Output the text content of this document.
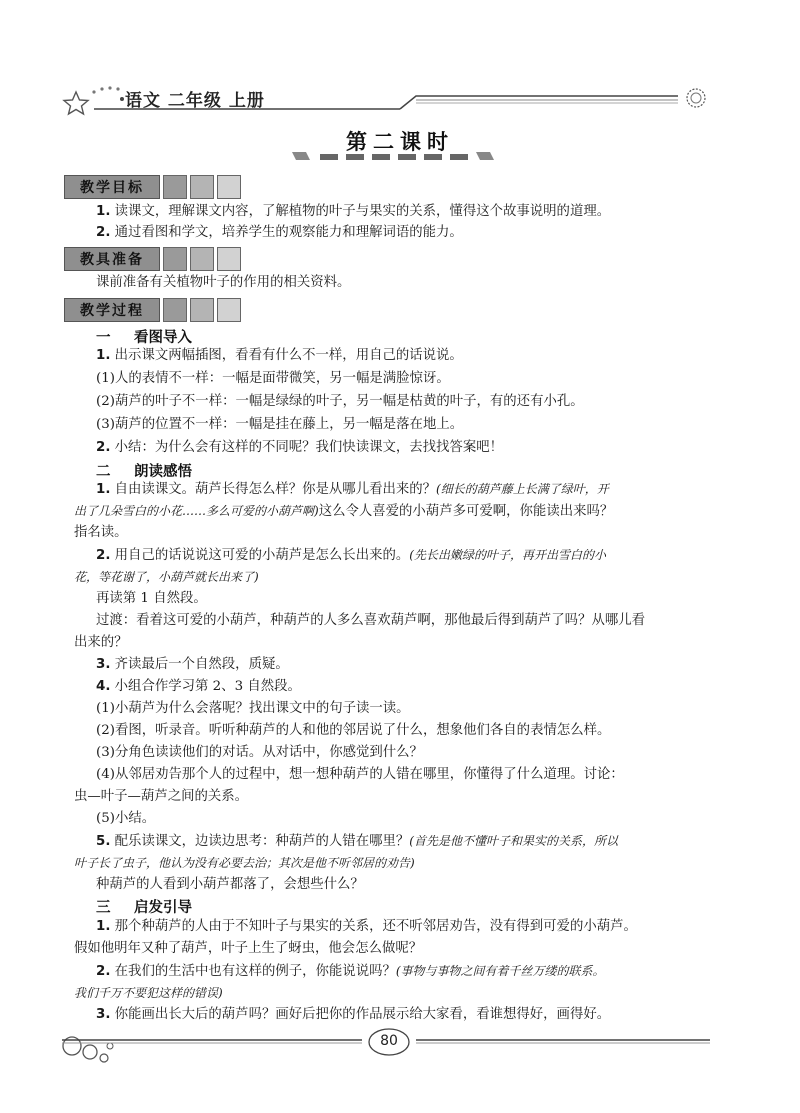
语文 二年级 上册
第二课时
教学目标
1. 读课文，理解课文内容，了解植物的叶子与果实的关系，懂得这个故事说明的道理。
2. 通过看图和学文，培养学生的观察能力和理解词语的能力。
教具准备
课前准备有关植物叶子的作用的相关资料。
教学过程
一 看图导入
1. 出示课文两幅插图，看看有什么不一样，用自己的话说说。
(1)人的表情不一样：一幅是面带微笑，另一幅是满脸惊讶。
(2)葫芦的叶子不一样：一幅是绿绿的叶子，另一幅是枯黄的叶子，有的还有小孔。
(3)葫芦的位置不一样：一幅是挂在藤上，另一幅是落在地上。
2. 小结：为什么会有这样的不同呢？我们快读课文，去找找答案吧！
二 朗读感悟
1. 自由读课文。葫芦长得怎么样？你是从哪儿看出来的？(细长的葫芦藤上长满了绿叶，开
出了几朵雪白的小花……多么可爱的小葫芦啊)这么令人喜爱的小葫芦多可爱啊，你能读出来吗？
指名读。
2. 用自己的话说说这可爱的小葫芦是怎么长出来的。(先长出嫩绿的叶子，再开出雪白的小
花，等花谢了，小葫芦就长出来了)
再读第 1 自然段。
过渡：看着这可爱的小葫芦，种葫芦的人多么喜欢葫芦啊，那他最后得到葫芦了吗？从哪儿看
出来的？
3. 齐读最后一个自然段，质疑。
4. 小组合作学习第 2、3 自然段。
(1)小葫芦为什么会落呢？找出课文中的句子读一读。
(2)看图，听录音。听听种葫芦的人和他的邻居说了什么，想象他们各自的表情怎么样。
(3)分角色读读他们的对话。从对话中，你感觉到什么？
(4)从邻居劝告那个人的过程中，想一想种葫芦的人错在哪里，你懂得了什么道理。讨论：
虫—叶子—葫芦之间的关系。
(5)小结。
5. 配乐读课文，边读边思考：种葫芦的人错在哪里？(首先是他不懂叶子和果实的关系，所以
叶子长了虫子，他认为没有必要去治；其次是他不听邻居的劝告)
种葫芦的人看到小葫芦都落了，会想些什么？
三 启发引导
1. 那个种葫芦的人由于不知叶子与果实的关系，还不听邻居劝告，没有得到可爱的小葫芦。
假如他明年又种了葫芦，叶子上生了蚜虫，他会怎么做呢？
2. 在我们的生活中也有这样的例子，你能说说吗？(事物与事物之间有着千丝万缕的联系。
我们千万不要犯这样的错误)
80
3. 你能画出长大后的葫芦吗？画好后把你的作品展示给大家看，看谁想得好，画得好。
